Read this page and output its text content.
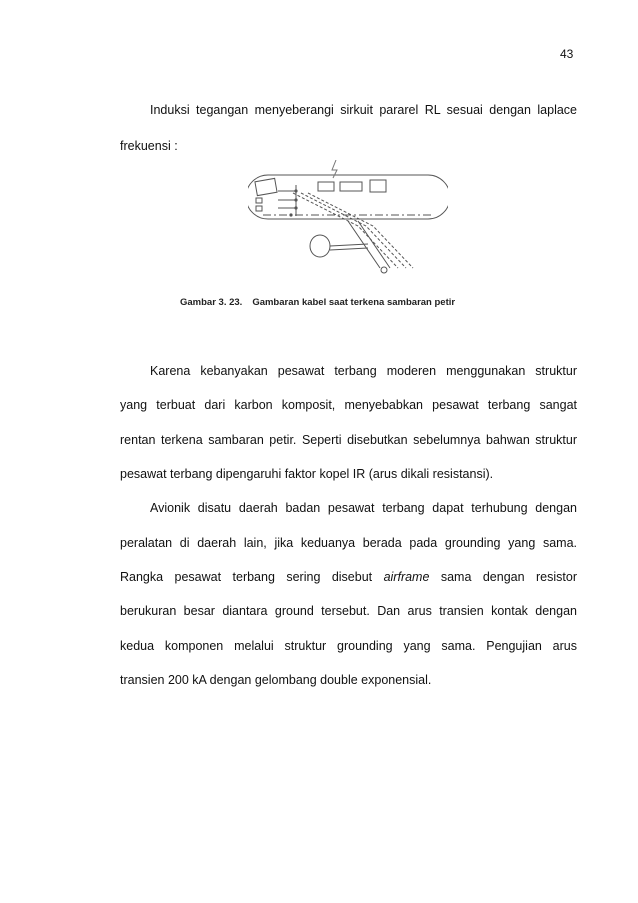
43
Induksi tegangan menyeberangi sirkuit pararel RL sesuai dengan laplace
frekuensi :
Gambar 3. 23. Gambaran kabel saat terkena sambaran petir
Karena kebanyakan pesawat terbang moderen menggunakan struktur
yang terbuat dari karbon komposit, menyebabkan pesawat terbang sangat
rentan terkena sambaran petir. Seperti disebutkan sebelumnya bahwan struktur
pesawat terbang dipengaruhi faktor kopel IR (arus dikali resistansi).
Avionik disatu daerah badan pesawat terbang dapat terhubung dengan
peralatan di daerah lain, jika keduanya berada pada grounding yang sama.
Rangka pesawat terbang sering disebut airframe sama dengan resistor
berukuran besar diantara ground tersebut. Dan arus transien kontak dengan
kedua komponen melalui struktur grounding yang sama. Pengujian arus
transien 200 kA dengan gelombang double exponensial.
